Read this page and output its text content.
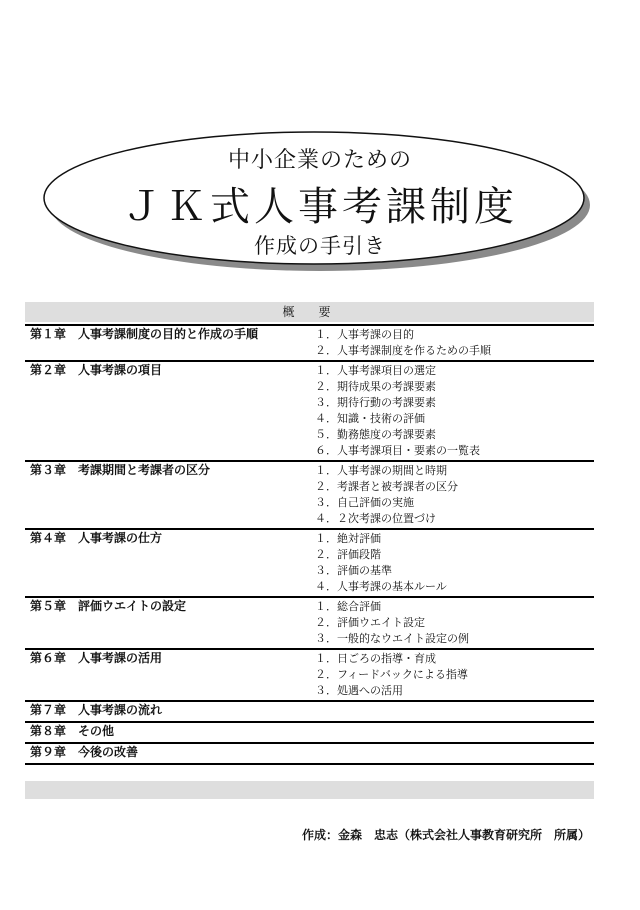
中小企業のための
ＪＫ式人事考課制度
作成の手引き
概　要
第１章　人事考課制度の目的と作成の手順	１．人事考課の目的
２．人事考課制度を作るための手順
第２章　人事考課の項目	１．人事考課項目の選定
２．期待成果の考課要素
３．期待行動の考課要素
４．知識・技術の評価
５．勤務態度の考課要素
６．人事考課項目・要素の一覧表
第３章　考課期間と考課者の区分	１．人事考課の期間と時期
２．考課者と被考課者の区分
３．自己評価の実施
４．２次考課の位置づけ
第４章　人事考課の仕方	１．絶対評価
２．評価段階
３．評価の基準
４．人事考課の基本ルール
第５章　評価ウエイトの設定	１．総合評価
２．評価ウエイト設定
３．一般的なウエイト設定の例
第６章　人事考課の活用	１．日ごろの指導・育成
２．フィードバックによる指導
３．処遇への活用
第７章　人事考課の流れ
第８章　その他
第９章　今後の改善
作成：金森　忠志（株式会社人事教育研究所　所属）
